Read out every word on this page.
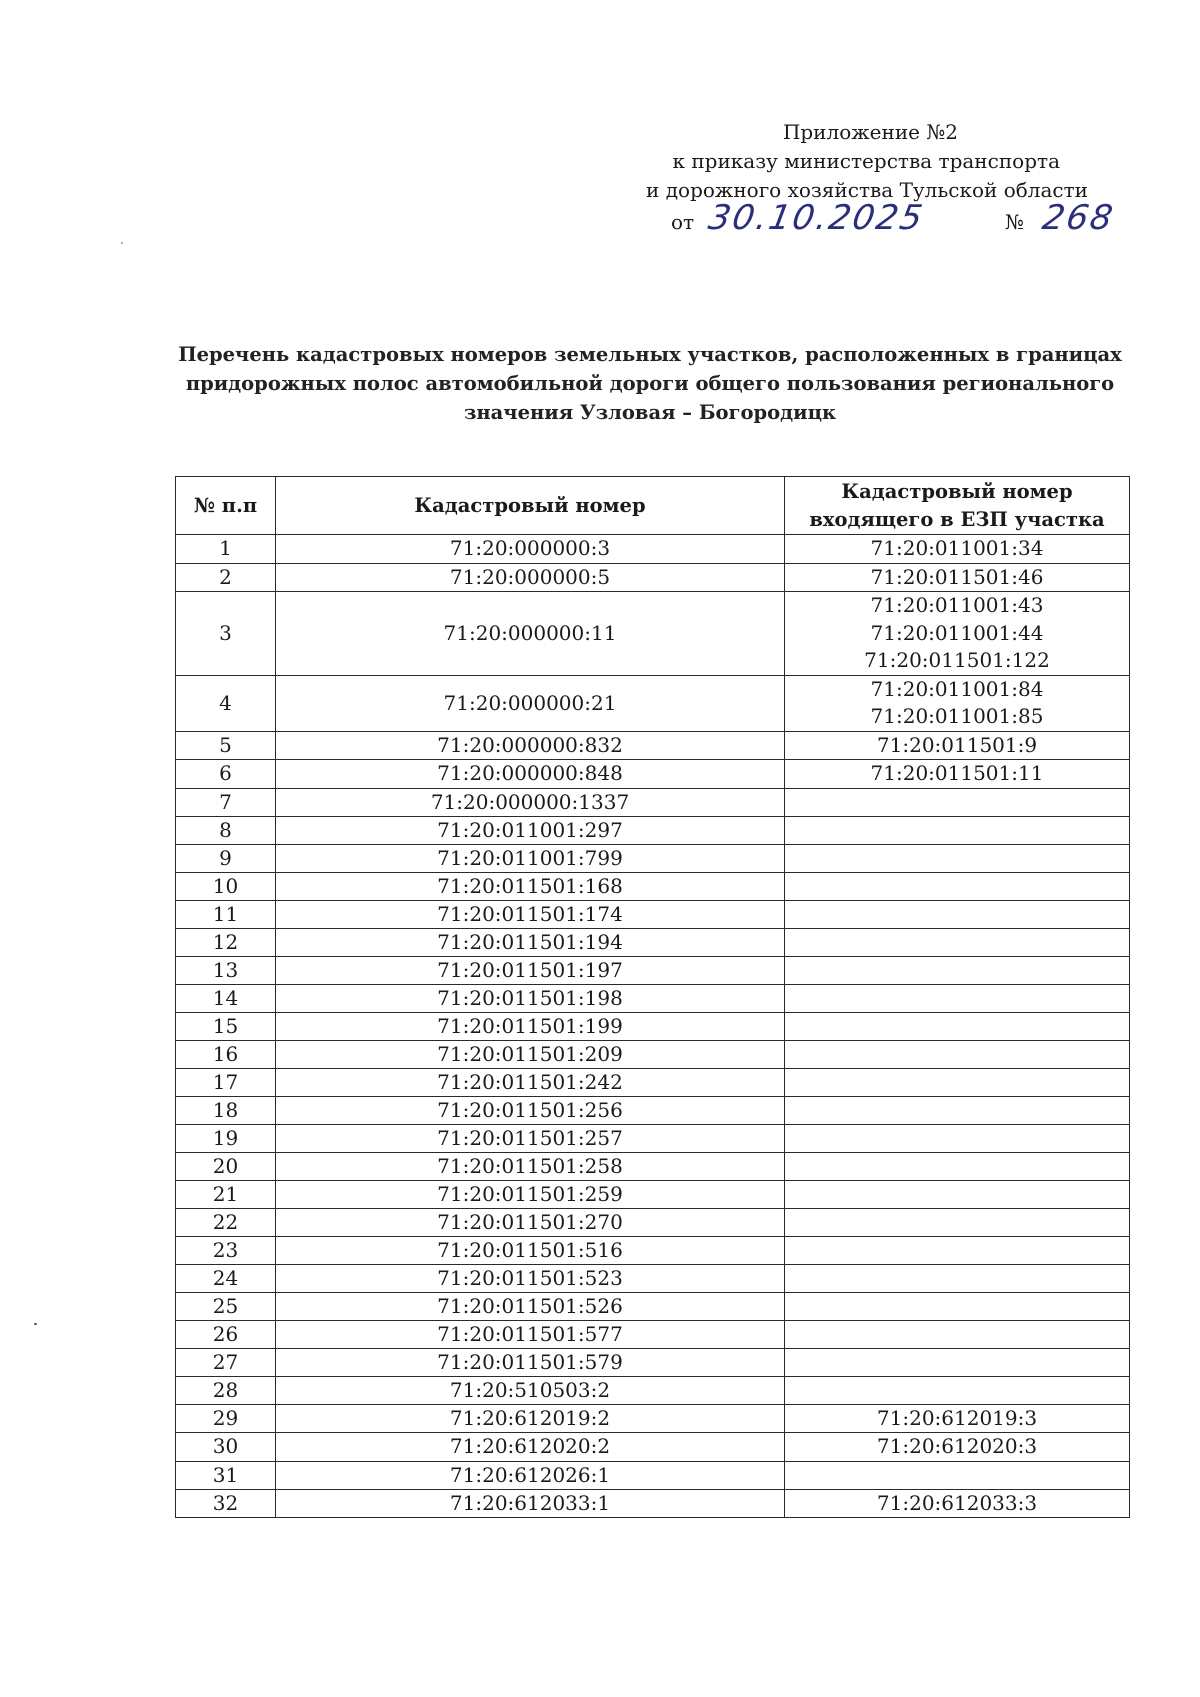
Приложение №2
к приказу министерства транспорта
и дорожного хозяйства Тульской области
от 30.10.2025	№ 268
Перечень кадастровых номеров земельных участков, расположенных в границах
придорожных полос автомобильной дороги общего пользования регионального
значения Узловая – Богородицк
№ п.п	Кадастровый номер	Кадастровый номер
входящего в ЕЗП участка

1	71:20:000000:3	71:20:011001:34

2	71:20:000000:5	71:20:011501:46

3	71:20:000000:11	71:20:011001:43
71:20:011001:44
71:20:011501:122

4	71:20:000000:21	71:20:011001:84
71:20:011001:85

5	71:20:000000:832	71:20:011501:9

6	71:20:000000:848	71:20:011501:11

7	71:20:000000:1337	
8	71:20:011001:297	
9	71:20:011001:799	
10	71:20:011501:168	
11	71:20:011501:174	
12	71:20:011501:194	
13	71:20:011501:197	
14	71:20:011501:198	
15	71:20:011501:199	
16	71:20:011501:209	
17	71:20:011501:242	
18	71:20:011501:256	
19	71:20:011501:257	
20	71:20:011501:258	
21	71:20:011501:259	
22	71:20:011501:270	
23	71:20:011501:516	
24	71:20:011501:523	
25	71:20:011501:526	
26	71:20:011501:577	
27	71:20:011501:579	
28	71:20:510503:2	
29	71:20:612019:2	71:20:612019:3

30	71:20:612020:2	71:20:612020:3

31	71:20:612026:1	
32	71:20:612033:1	71:20:612033:3
